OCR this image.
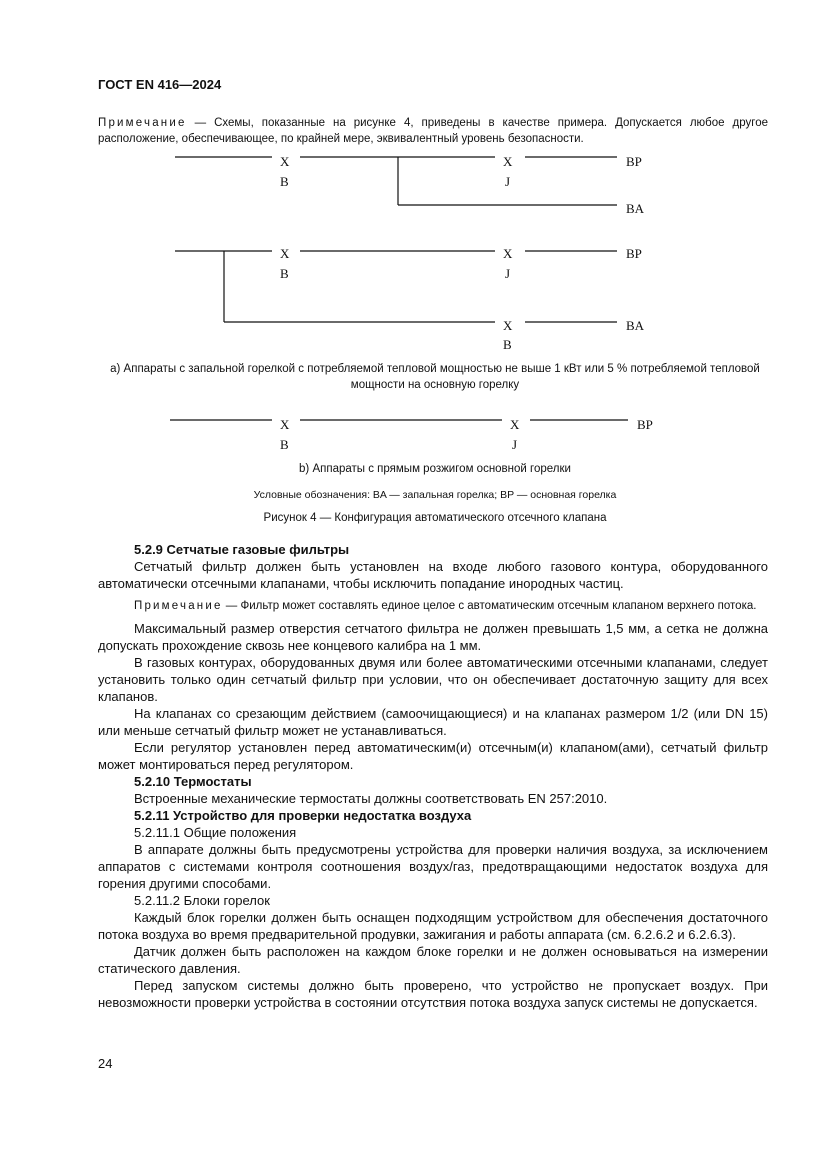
ГОСТ EN 416—2024
Примечание — Схемы, показанные на рисунке 4, приведены в качестве примера. Допускается любое другое расположение, обеспечивающее, по крайней мере, эквивалентный уровень безопасности.
X
B
X
J
BP
BA
X
B
X
J
BP
X
B
BA
a) Аппараты с запальной горелкой с потребляемой тепловой мощностью не выше 1 кВт или 5 % потребляемой тепловой мощности на основную горелку
X
B
X
J
BP
b) Аппараты с прямым розжигом основной горелки
Условные обозначения: BA — запальная горелка; BP — основная горелка
Рисунок 4 — Конфигурация автоматического отсечного клапана

5.2.9 Сетчатые газовые фильтры

Сетчатый фильтр должен быть установлен на входе любого газового контура, оборудованного автоматически отсечными клапанами, чтобы исключить попадание инородных частиц.

Примечание — Фильтр может составлять единое целое с автоматическим отсечным клапаном верхнего потока.

Максимальный размер отверстия сетчатого фильтра не должен превышать 1,5 мм, а сетка не должна допускать прохождение сквозь нее концевого калибра на 1 мм.

В газовых контурах, оборудованных двумя или более автоматическими отсечными клапанами, следует установить только один сетчатый фильтр при условии, что он обеспечивает достаточную защиту для всех клапанов.

На клапанах со срезающим действием (самоочищающиеся) и на клапанах размером 1/2 (или DN 15) или меньше сетчатый фильтр может не устанавливаться.

Если регулятор установлен перед автоматическим(и) отсечным(и) клапаном(ами), сетчатый фильтр может монтироваться перед регулятором.

5.2.10 Термостаты

Встроенные механические термостаты должны соответствовать EN 257:2010.

5.2.11 Устройство для проверки недостатка воздуха

5.2.11.1 Общие положения

В аппарате должны быть предусмотрены устройства для проверки наличия воздуха, за исключением аппаратов с системами контроля соотношения воздух/газ, предотвращающими недостаток воздуха для горения другими способами.

5.2.11.2 Блоки горелок

Каждый блок горелки должен быть оснащен подходящим устройством для обеспечения достаточного потока воздуха во время предварительной продувки, зажигания и работы аппарата (см. 6.2.6.2 и 6.2.6.3).

Датчик должен быть расположен на каждом блоке горелки и не должен основываться на измерении статического давления.

Перед запуском системы должно быть проверено, что устройство не пропускает воздух. При невозможности проверки устройства в состоянии отсутствия потока воздуха запуск системы не допускается.

24
